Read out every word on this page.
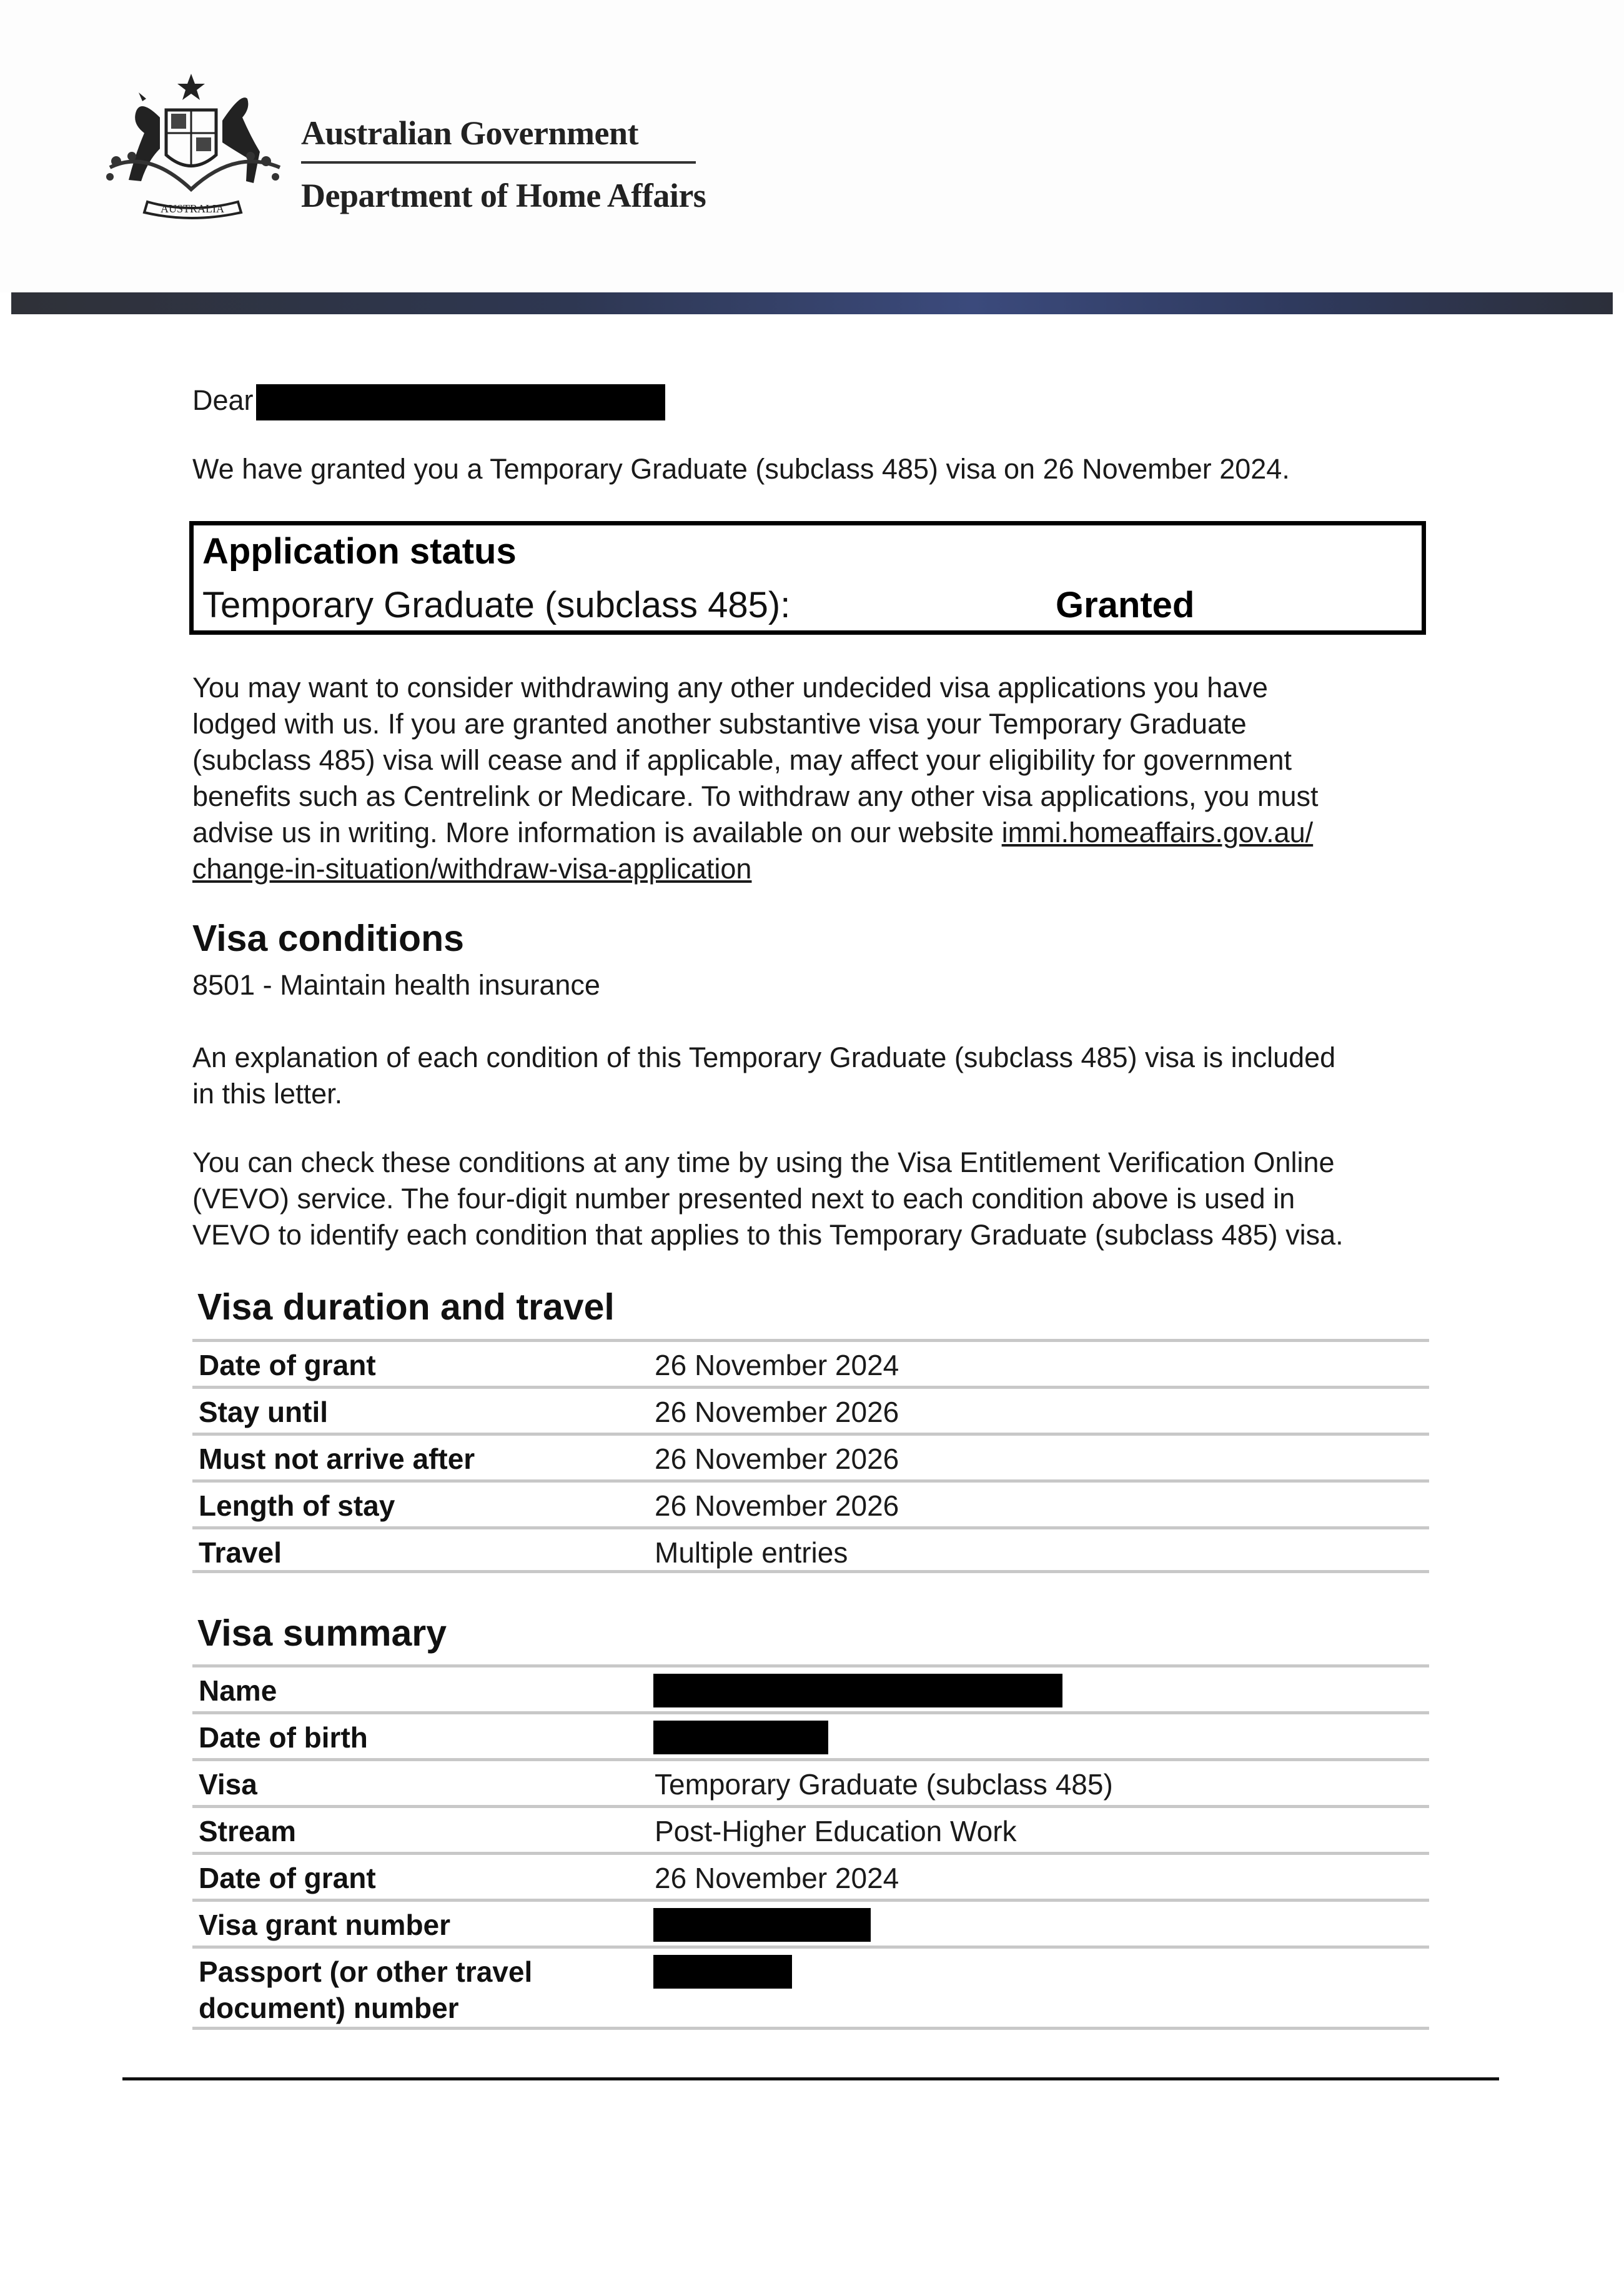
AUSTRALIA
Australian Government
Department of Home Affairs
Dear
We have granted you a Temporary Graduate (subclass 485) visa on 26 November 2024.
Application status
Temporary Graduate (subclass 485):	Granted
You may want to consider withdrawing any other undecided visa applications you have
lodged with us. If you are granted another substantive visa your Temporary Graduate
(subclass 485) visa will cease and if applicable, may affect your eligibility for government
benefits such as Centrelink or Medicare. To withdraw any other visa applications, you must
advise us in writing. More information is available on our website immi.homeaffairs.gov.au/
change-in-situation/withdraw-visa-application
Visa conditions
8501 - Maintain health insurance
An explanation of each condition of this Temporary Graduate (subclass 485) visa is included
in this letter.
You can check these conditions at any time by using the Visa Entitlement Verification Online
(VEVO) service. The four-digit number presented next to each condition above is used in
VEVO to identify each condition that applies to this Temporary Graduate (subclass 485) visa.
Visa duration and travel
Date of grant	26 November 2024
Stay until	26 November 2026
Must not arrive after	26 November 2026
Length of stay	26 November 2026
Travel	Multiple entries
Visa summary
Name
Date of birth
Visa	Temporary Graduate (subclass 485)
Stream	Post-Higher Education Work
Date of grant	26 November 2024
Visa grant number
Passport (or other travel
document) number
